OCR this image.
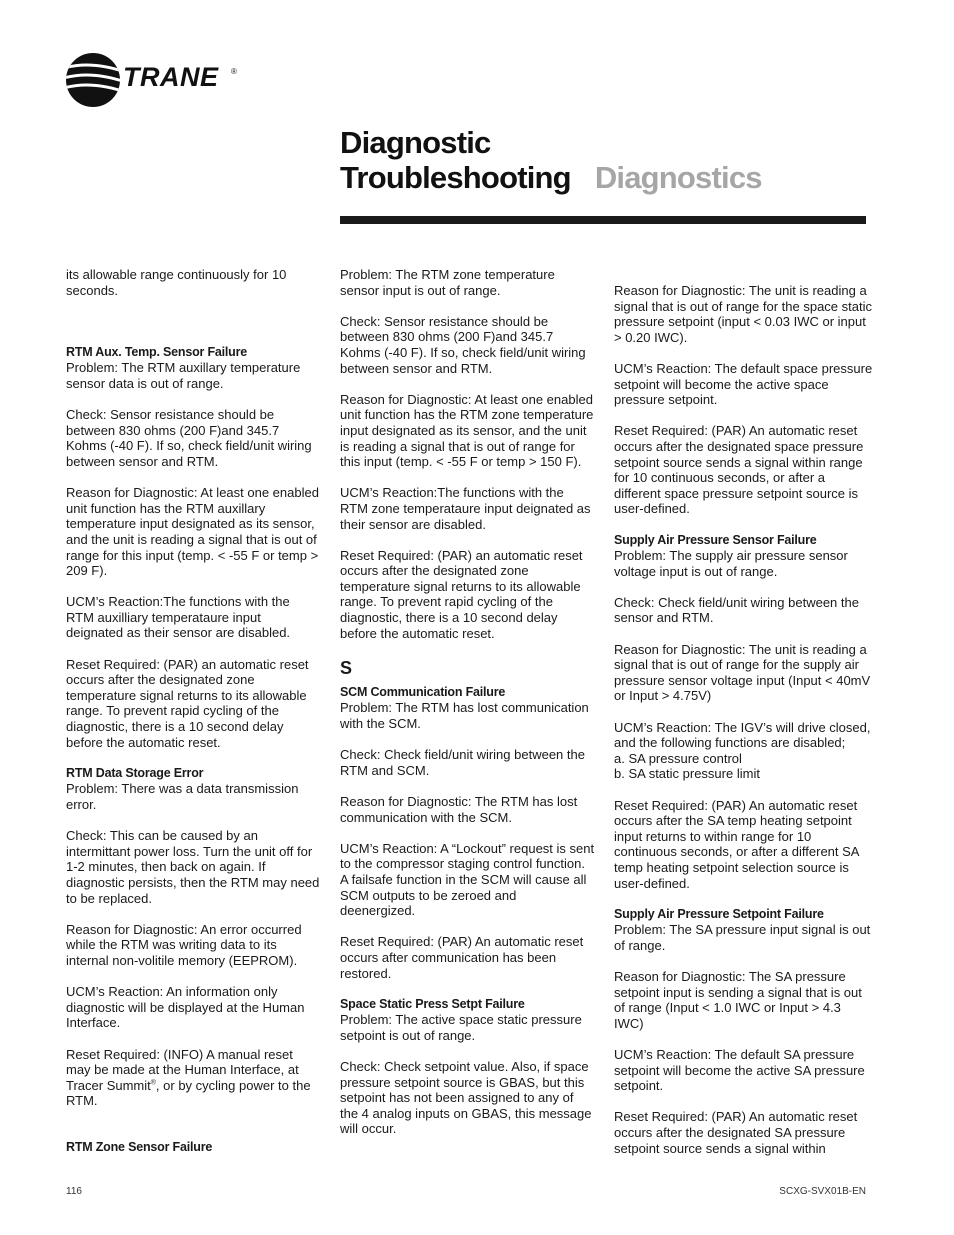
TRANE ®
Diagnostic
Troubleshooting Diagnostics

its allowable range continuously for 10 seconds.

RTM Aux. Temp. Sensor Failure

Problem: The RTM auxillary temperature sensor data is out of range.

Check: Sensor resistance should be between 830 ohms (200 F)and 345.7 Kohms (-40 F). If so, check field/unit wiring between sensor and RTM.

Reason for Diagnostic: At least one enabled unit function has the RTM auxillary temperature input designated as its sensor, and the unit is reading a signal that is out of range for this input (temp. < -55 F or temp > 209 F).

UCM’s Reaction:The functions with the RTM auxilliary temperataure input deignated as their sensor are disabled.

Reset Required: (PAR) an automatic reset occurs after the designated zone temperature signal returns to its allowable range. To prevent rapid cycling of the diagnostic, there is a 10 second delay before the automatic reset.

RTM Data Storage Error

Problem: There was a data transmission error.

Check: This can be caused by an intermittant power loss. Turn the unit off for 1-2 minutes, then back on again. If diagnostic persists, then the RTM may need to be replaced.

Reason for Diagnostic: An error occurred while the RTM was writing data to its internal non-volitile memory (EEPROM).

UCM’s Reaction: An information only diagnostic will be displayed at the Human Interface.

Reset Required: (INFO) A manual reset may be made at the Human Interface, at Tracer Summit®, or by cycling power to the RTM.

RTM Zone Sensor Failure

Problem: The RTM zone temperature sensor input is out of range.

Check: Sensor resistance should be between 830 ohms (200 F)and 345.7 Kohms (-40 F). If so, check field/unit wiring between sensor and RTM.

Reason for Diagnostic: At least one enabled unit function has the RTM zone temperature input designated as its sensor, and the unit is reading a signal that is out of range for this input (temp. < -55 F or temp > 150 F).

UCM’s Reaction:The functions with the RTM zone temperataure input deignated as their sensor are disabled.

Reset Required: (PAR) an automatic reset occurs after the designated zone temperature signal returns to its allowable range. To prevent rapid cycling of the diagnostic, there is a 10 second delay before the automatic reset.

S
SCM Communication Failure

Problem: The RTM has lost communication with the SCM.

Check: Check field/unit wiring between the RTM and SCM.

Reason for Diagnostic: The RTM has lost communication with the SCM.

UCM’s Reaction: A “Lockout” request is sent to the compressor staging control function. A failsafe function in the SCM will cause all SCM outputs to be zeroed and deenergized.

Reset Required: (PAR) An automatic reset occurs after communication has been restored.

Space Static Press Setpt Failure

Problem: The active space static pressure setpoint is out of range.

Check: Check setpoint value. Also, if space pressure setpoint source is GBAS, but this setpoint has not been assigned to any of the 4 analog inputs on GBAS, this message will occur.

Reason for Diagnostic: The unit is reading a signal that is out of range for the space static pressure setpoint (input < 0.03 IWC or input > 0.20 IWC).

UCM’s Reaction: The default space pressure setpoint will become the active space pressure setpoint.

Reset Required: (PAR) An automatic reset occurs after the designated space pressure setpoint source sends a signal within range for 10 continuous seconds, or after a different space pressure setpoint source is user-defined.

Supply Air Pressure Sensor Failure

Problem: The supply air pressure sensor voltage input is out of range.

Check: Check field/unit wiring between the sensor and RTM.

Reason for Diagnostic: The unit is reading a signal that is out of range for the supply air pressure sensor voltage input (Input < 40mV or Input > 4.75V)

UCM’s Reaction: The IGV’s will drive closed, and the following functions are disabled;

a. SA pressure control
b. SA static pressure limit

Reset Required: (PAR) An automatic reset occurs after the SA temp heating setpoint input returns to within range for 10 continuous seconds, or after a different SA temp heating setpoint selection source is user-defined.

Supply Air Pressure Setpoint Failure

Problem: The SA pressure input signal is out of range.

Reason for Diagnostic: The SA pressure setpoint input is sending a signal that is out of range (Input < 1.0 IWC or Input > 4.3 IWC)

UCM’s Reaction: The default SA pressure setpoint will become the active SA pressure setpoint.

Reset Required: (PAR) An automatic reset occurs after the designated SA pressure setpoint source sends a signal within

116	SCXG-SVX01B-EN
